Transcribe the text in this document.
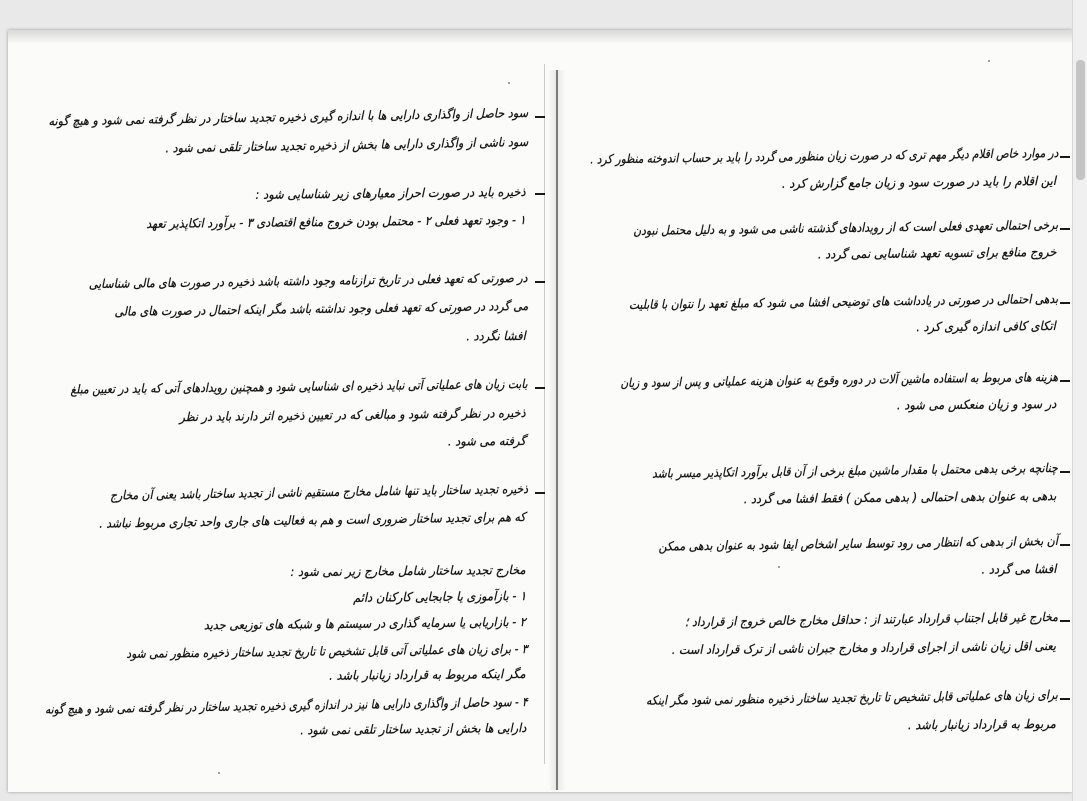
سود حاصل از واگذاری دارایی ها با اندازه گیری ذخیره تجدید ساختار در نظر گرفته نمی شود و هیچ گونه
سود ناشی از واگذاری دارایی ها بخش از ذخیره تجدید ساختار تلقی نمی شود .
ذخیره باید در صورت احراز معیارهای زیر شناسایی شود :
۱ - وجود تعهد فعلی ۲ - محتمل بودن خروج منافع اقتصادی ۳ - برآورد اتکاپذیر تعهد
در صورتی که تعهد فعلی در تاریخ ترازنامه وجود داشته باشد ذخیره در صورت های مالی شناسایی
می گردد در صورتی که تعهد فعلی وجود نداشته باشد مگر اینکه احتمال در صورت های مالی
افشا نگردد .
بابت زیان های عملیاتی آتی نباید ذخیره ای شناسایی شود و همچنین رویدادهای آتی که باید در تعیین مبلغ
ذخیره در نظر گرفته شود و مبالغی که در تعیین ذخیره اثر دارند باید در نظر
گرفته می شود .
ذخیره تجدید ساختار باید تنها شامل مخارج مستقیم ناشی از تجدید ساختار باشد یعنی آن مخارج
که هم برای تجدید ساختار ضروری است و هم به فعالیت های جاری واحد تجاری مربوط نباشد .
مخارج تجدید ساختار شامل مخارج زیر نمی شود :
۱ - بازآموزی یا جابجایی کارکنان دائم
۲ - بازاریابی یا سرمایه گذاری در سیستم ها و شبکه های توزیعی جدید
۳ - برای زیان های عملیاتی آتی قابل تشخیص تا تاریخ تجدید ساختار ذخیره منظور نمی شود
مگر اینکه مربوط به قرارداد زیانبار باشد .
۴ - سود حاصل از واگذاری دارایی ها نیز در اندازه گیری ذخیره تجدید ساختار در نظر گرفته نمی شود و هیچ گونه
دارایی ها بخش از تجدید ساختار تلقی نمی شود .
در موارد خاص اقلام دیگر مهم تری که در صورت زیان منظور می گردد را باید بر حساب اندوخته منظور کرد .
این اقلام را باید در صورت سود و زیان جامع گزارش کرد .
برخی احتمالی تعهدی فعلی است که از رویدادهای گذشته ناشی می شود و به دلیل محتمل نبودن
خروج منافع برای تسویه تعهد شناسایی نمی گردد .
بدهی احتمالی در صورتی در یادداشت های توضیحی افشا می شود که مبلغ تعهد را نتوان با قابلیت
اتکای کافی اندازه گیری کرد .
هزینه های مربوط به استفاده ماشین آلات در دوره وقوع به عنوان هزینه عملیاتی و پس از سود و زیان
در سود و زیان منعکس می شود .
چنانچه برخی بدهی محتمل با مقدار ماشین مبلغ برخی از آن قابل برآورد اتکاپذیر میسر باشد
بدهی به عنوان بدهی احتمالی ( بدهی ممکن ) فقط افشا می گردد .
آن بخش از بدهی که انتظار می رود توسط سایر اشخاص ایفا شود به عنوان بدهی ممکن
افشا می گردد .
مخارج غیر قابل اجتناب قرارداد عبارتند از : حداقل مخارج خالص خروج از قرارداد ؛
یعنی اقل زیان ناشی از اجرای قرارداد و مخارج جبران ناشی از ترک قرارداد است .
برای زیان های عملیاتی قابل تشخیص تا تاریخ تجدید ساختار ذخیره منظور نمی شود مگر اینکه
مربوط به قرارداد زیانبار باشد .
